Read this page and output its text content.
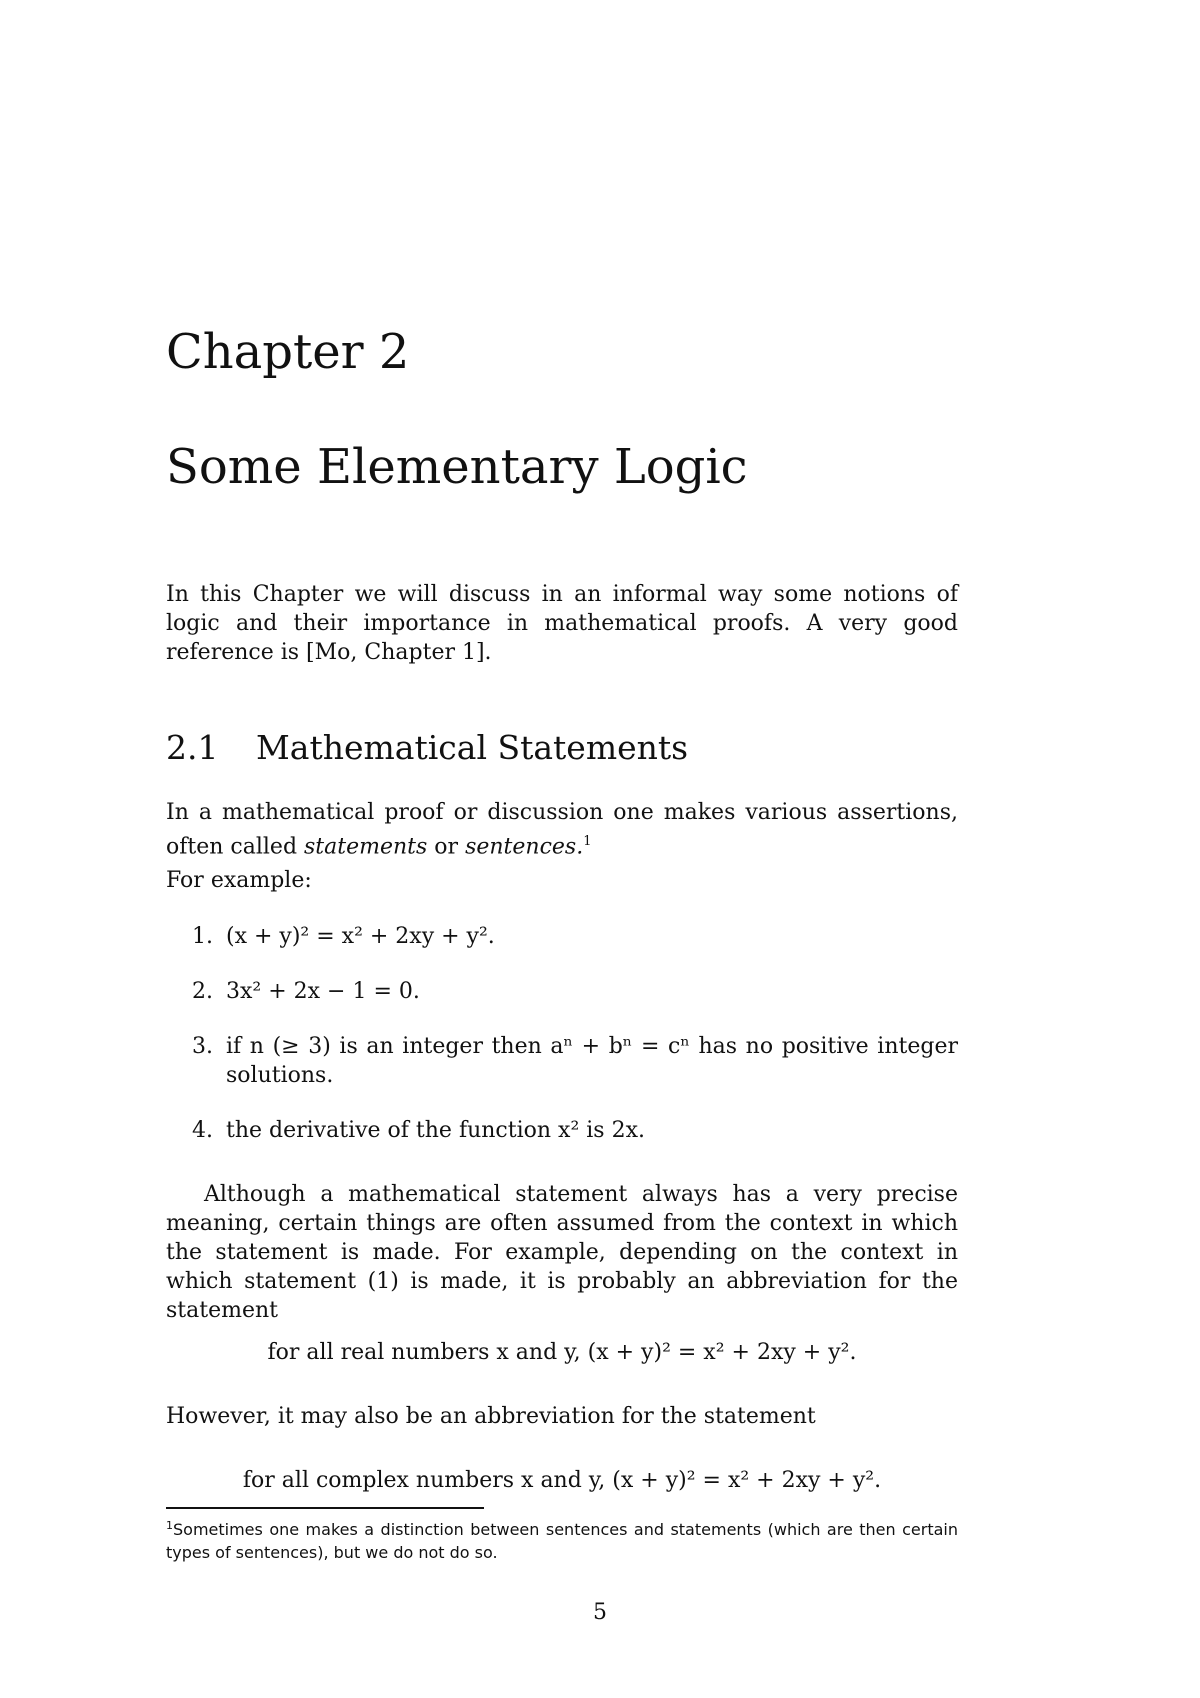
Chapter 2
Some Elementary Logic
In this Chapter we will discuss in an informal way some notions of logic and their importance in mathematical proofs. A very good reference is [Mo, Chapter 1].
2.1 Mathematical Statements
In a mathematical proof or discussion one makes various assertions, often called statements or sentences.$^1$
For example:
1. (x + y)² = x² + 2xy + y².
2. 3x² + 2x − 1 = 0.
3. if n (≥ 3) is an integer then aⁿ + bⁿ = cⁿ has no positive integer solutions.
4. the derivative of the function x² is 2x.
Although a mathematical statement always has a very precise meaning, certain things are often assumed from the context in which the statement is made. For example, depending on the context in which statement (1) is made, it is probably an abbreviation for the statement
for all real numbers x and y, (x + y)² = x² + 2xy + y².
However, it may also be an abbreviation for the statement
for all complex numbers x and y, (x + y)² = x² + 2xy + y².
$^1$Sometimes one makes a distinction between sentences and statements (which are then certain types of sentences), but we do not do so.
5
